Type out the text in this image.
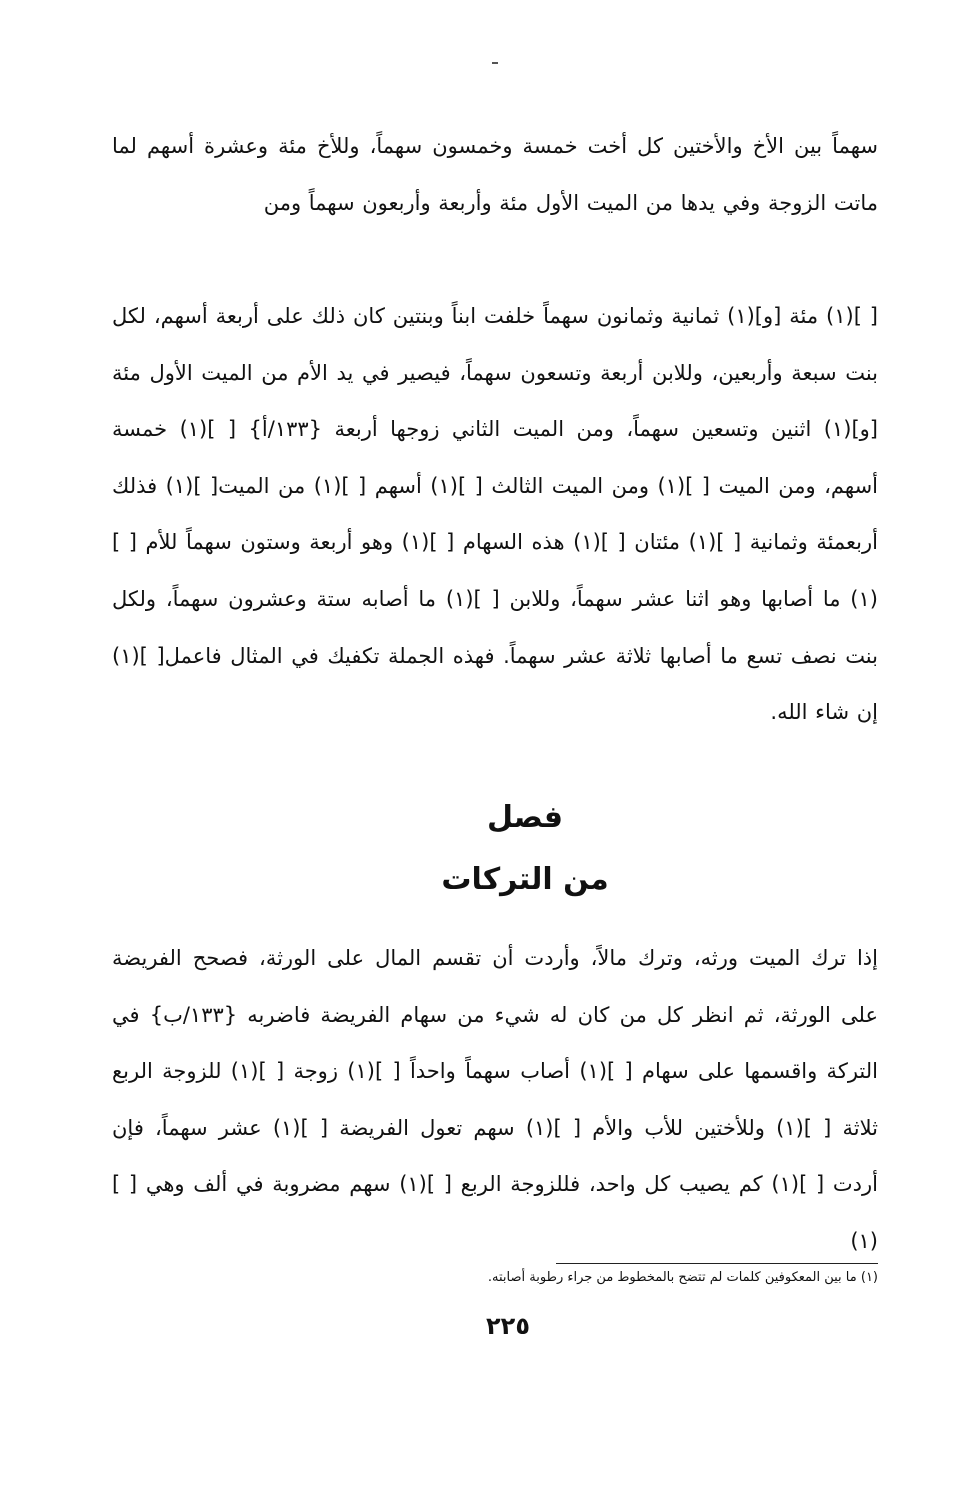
سهماً بين الأخ والأختين كل أخت خمسة وخمسون سهماً، وللأخ مئة وعشرة أسهم لما ماتت الزوجة وفي يدها من الميت الأول مئة وأربعة وأربعون سهماً ومن

[ ](١) مئة [و](١) ثمانية وثمانون سهماً خلفت ابناً وبنتين كان ذلك على أربعة أسهم، لكل بنت سبعة وأربعين، وللابن أربعة وتسعون سهماً، فيصير في يد الأم من الميت الأول مئة [و](١) اثنين وتسعين سهماً، ومن الميت الثاني زوجها أربعة {١٣٣/أ} [ ](١) خمسة أسهم، ومن الميت [ ](١) ومن الميت الثالث [ ](١) أسهم [ ](١) من الميت[ ](١) فذلك أربعمئة وثمانية [ ](١) مئتان [ ](١) هذه السهام [ ](١) وهو أربعة وستون سهماً للأم [ ](١) ما أصابها وهو اثنا عشر سهماً، وللابن [ ](١) ما أصابه ستة وعشرون سهماً، ولكل بنت نصف تسع ما أصابها ثلاثة عشر سهماً. فهذه الجملة تكفيك في المثال فاعمل[ ](١) إن شاء الله.

فصل
من التركات

إذا ترك الميت ورثه، وترك مالاً، وأردت أن تقسم المال على الورثة، فصحح الفريضة على الورثة، ثم انظر كل من كان له شيء من سهام الفريضة فاضربه {١٣٣/ب} في التركة واقسمها على سهام [ ](١) أصاب سهماً واحداً [ ](١) زوجة [ ](١) للزوجة الربع ثلاثة [ ](١) وللأختين للأب والأم [ ](١) سهم تعول الفريضة [ ](١) عشر سهماً، فإن أردت [ ](١) كم يصيب كل واحد، فللزوجة الربع [ ](١) سهم مضروبة في ألف وهي [ ](١)

(١) ما بين المعكوفين كلمات لم تتضح بالمخطوط من جراء رطوبة أصابته.

٢٢٥
